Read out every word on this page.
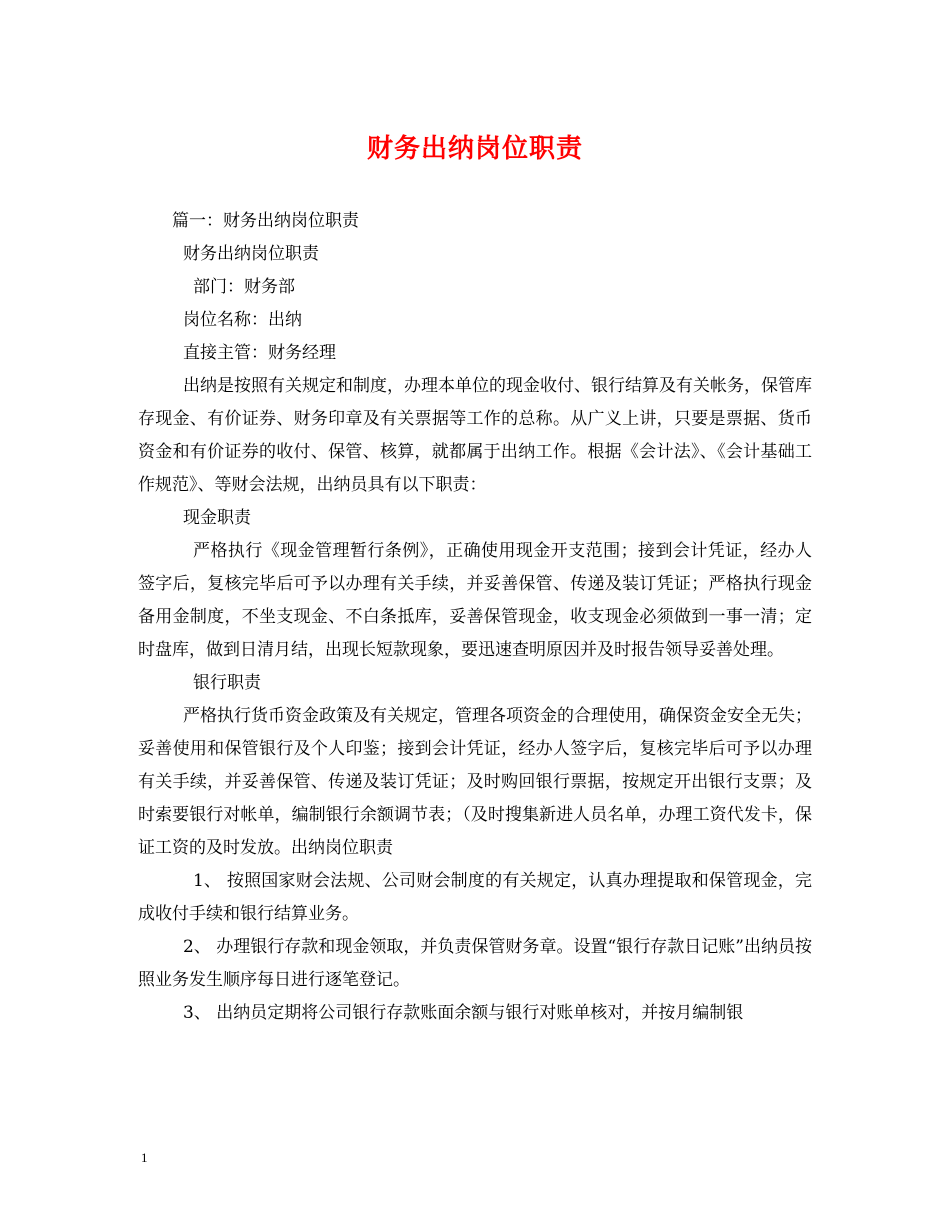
财务出纳岗位职责

篇一：财务出纳岗位职责

财务出纳岗位职责

部门：财务部

岗位名称：出纳

直接主管：财务经理

出纳是按照有关规定和制度，办理本单位的现金收付、银行结算及有关帐务，保管库存现金、有价证券、财务印章及有关票据等工作的总称。从广义上讲，只要是票据、货币资金和有价证券的收付、保管、核算，就都属于出纳工作。根据《会计法》、《会计基础工作规范》、等财会法规，出纳员具有以下职责：

现金职责

严格执行《现金管理暂行条例》，正确使用现金开支范围；接到会计凭证，经办人签字后，复核完毕后可予以办理有关手续，并妥善保管、传递及装订凭证；严格执行现金备用金制度，不坐支现金、不白条抵库，妥善保管现金，收支现金必须做到一事一清；定时盘库，做到日清月结，出现长短款现象，要迅速查明原因并及时报告领导妥善处理。

银行职责

严格执行货币资金政策及有关规定，管理各项资金的合理使用，确保资金安全无失；妥善使用和保管银行及个人印鉴；接到会计凭证，经办人签字后，复核完毕后可予以办理有关手续，并妥善保管、传递及装订凭证；及时购回银行票据，按规定开出银行支票；及时索要银行对帐单，编制银行余额调节表；（及时搜集新进人员名单，办理工资代发卡，保证工资的及时发放。出纳岗位职责

1、 按照国家财会法规、公司财会制度的有关规定，认真办理提取和保管现金，完成收付手续和银行结算业务。

2、 办理银行存款和现金领取，并负责保管财务章。设置“银行存款日记账”出纳员按照业务发生顺序每日进行逐笔登记。

3、 出纳员定期将公司银行存款账面余额与银行对账单核对，并按月编制银

1
